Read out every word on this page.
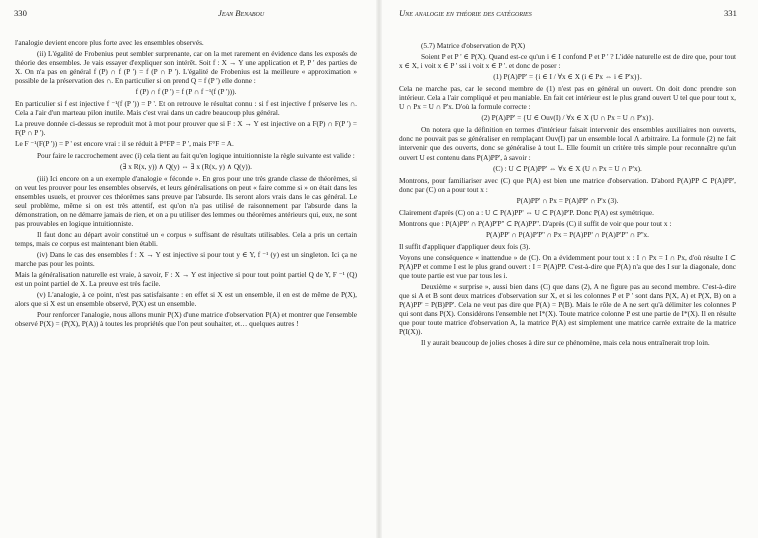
330	Jean Benabou

l'analogie devient encore plus forte avec les ensembles observés.

(ii) L'égalité de Frobenius peut sembler surprenante, car on la met rarement en évidence dans les exposés de théorie des ensembles. Je vais essayer d'expliquer son intérêt. Soit f : X → Y une application et P, P ' des parties de X. On n'a pas en général f (P) ∩ f (P ') = f (P ∩ P '). L'égalité de Frobenius est la meilleure « approximation » possible de la préservation des ∩. En particulier si on prend Q = f (P ') elle donne :

f (P) ∩ f (P ') = f (P ∩ f ⁻¹(f (P '))).

En particulier si f est injective f ⁻¹(f (P ')) = P '. Et on retrouve le résultat connu : si f est injective f préserve les ∩. Cela a l'air d'un marteau pilon inutile. Mais c'est vrai dans un cadre beaucoup plus général.

La preuve donnée ci-dessus se reproduit mot à mot pour prouver que si F : X → Y est injective on a F(P) ∩ F(P ') = F(P ∩ P ').

Le F ⁻¹(F(P ')) = P ' est encore vrai : il se réduit à P°FP = P ', mais F°F = A.

Pour faire le raccrochement avec (i) cela tient au fait qu'en logique intuitionniste la règle suivante est valide :

(∃ x R(x, y)) ∧ Q(y) ⇔ ∃ x (R(x, y) ∧ Q(y)).

(iii) Ici encore on a un exemple d'analogie « féconde ». En gros pour une très grande classe de théorèmes, si on veut les prouver pour les ensembles observés, et leurs généralisations on peut « faire comme si » on était dans les ensembles usuels, et prouver ces théorèmes sans preuve par l'absurde. Ils seront alors vrais dans le cas général. Le seul problème, même si on est très attentif, est qu'on n'a pas utilisé de raisonnement par l'absurde dans la démonstration, on ne démarre jamais de rien, et on a pu utiliser des lemmes ou théorèmes antérieurs qui, eux, ne sont pas prouvables en logique intuitionniste.

Il faut donc au départ avoir constitué un « corpus » suffisant de résultats utilisables. Cela a pris un certain temps, mais ce corpus est maintenant bien établi.

(iv) Dans le cas des ensembles f : X → Y est injective si pour tout y ∈ Y, f ⁻¹ (y) est un singleton. Ici ça ne marche pas pour les points.

Mais la généralisation naturelle est vraie, à savoir, F : X → Y est injective si pour tout point partiel Q de Y, F ⁻¹ (Q) est un point partiel de X. La preuve est très facile.

(v) L'analogie, à ce point, n'est pas satisfaisante : en effet si X est un ensemble, il en est de même de P(X), alors que si X est un ensemble observé, P(X) est un ensemble.

Pour renforcer l'analogie, nous allons munir P(X) d'une matrice d'observation P(A) et montrer que l'ensemble observé P(X) = (P(X), P(A)) à toutes les propriétés que l'on peut souhaiter, et… quelques autres !

Une analogie en théorie des catégories	331

(5.7) Matrice d'observation de P(X)

Soient P et P ' ∈ P(X). Quand est-ce qu'un i ∈ I confond P et P ' ? L'idée naturelle est de dire que, pour tout x ∈ X, i voit x ∈ P ' ssi i voit x ∈ P '. et donc de poser :

(1) P(A)PP' = {i ∈ I / ∀x ∈ X (i ∈ Px ⇔ i ∈ P'x)}.

Cela ne marche pas, car le second membre de (1) n'est pas en général un ouvert. On doit donc prendre son intérieur. Cela a l'air compliqué et peu maniable. En fait cet intérieur est le plus grand ouvert U tel que pour tout x, U ∩ Px = U ∩ P'x. D'où la formule correcte :

(2) P(A)PP' = {U ∈ Ouv(I) / ∀x ∈ X (U ∩ Px = U ∩ P'x)}.

On notera que la définition en termes d'intérieur faisait intervenir des ensembles auxiliaires non ouverts, donc ne pouvait pas se généraliser en remplaçant Ouv(I) par un ensemble local Λ arbitraire. La formule (2) ne fait intervenir que des ouverts, donc se généralise à tout L. Elle fournit un critère très simple pour reconnaître qu'un ouvert U est contenu dans P(A)PP', à savoir :

(C) : U ⊂ P(A)PP' ⇔ ∀x ∈ X (U ∩ Px = U ∩ P'x).

Montrons, pour familiariser avec (C) que P(A) est bien une matrice d'observation. D'abord P(A)PP ⊂ P(A)PP', donc par (C) on a pour tout x :

P(A)PP' ∩ Px = P(A)PP' ∩ P'x (3).

Clairement d'après (C) on a : U ⊂ P(A)PP' ⇔ U ⊂ P(A)P'P. Donc P(A) est symétrique.

Montrons que : P(A)PP' ∩ P(A)P'P'' ⊂ P(A)PP''. D'après (C) il suffit de voir que pour tout x :

P(A)PP' ∩ P(A)P'P'' ∩ Px = P(A)PP' ∩ P(A)P'P'' ∩ P''x.

Il suffit d'appliquer d'appliquer deux fois (3).

Voyons une conséquence « inattendue » de (C). On a évidemment pour tout x : I ∩ Px = I ∩ Px, d'où résulte I ⊂ P(A)PP et comme I est le plus grand ouvert : I = P(A)PP. C'est-à-dire que P(A) n'a que des I sur la diagonale, donc que toute partie est vue par tous les i.

Deuxième « surprise », aussi bien dans (C) que dans (2), A ne figure pas au second membre. C'est-à-dire que si A et B sont deux matrices d'observation sur X, et si les colonnes P et P ' sont dans P(X, A) et P(X, B) on a P(A)PP' = P(B)PP'. Cela ne veut pas dire que P(A) = P(B). Mais le rôle de A ne sert qu'à délimiter les colonnes P qui sont dans P(X). Considérons l'ensemble net I*(X). Toute matrice colonne P est une partie de I*(X). Il en résulte que pour toute matrice d'observation A, la matrice P(A) est simplement une matrice carrée extraite de la matrice P(I(X)).

Il y aurait beaucoup de jolies choses à dire sur ce phénomène, mais cela nous entraînerait trop loin.
